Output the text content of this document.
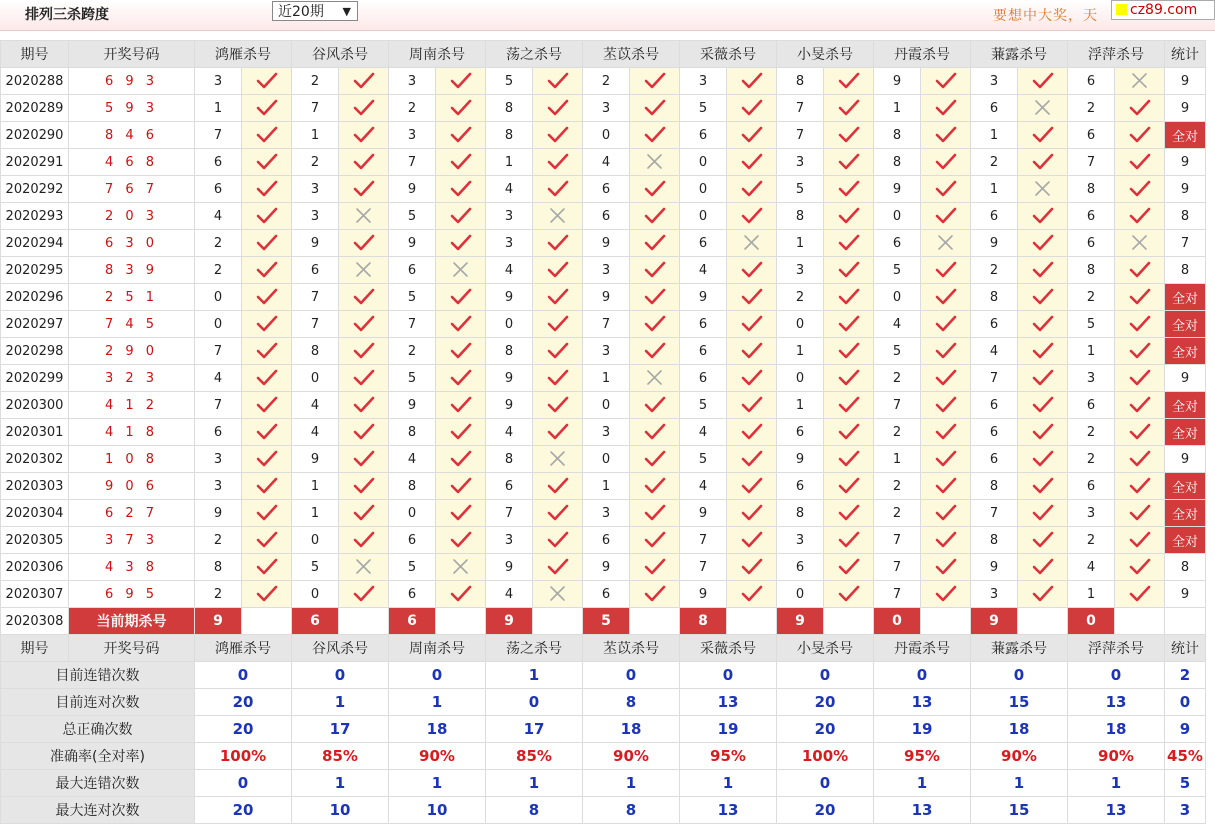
排列三杀跨度	近20期 ▼	要想中大奖，天	cz89.com
期号	开奖号码	鸿雁杀号		谷风杀号		周南杀号		荡之杀号		苤苡杀号		采薇杀号		小旻杀号		丹霞杀号		蒹露杀号		浮萍杀号		统计
2020288	6 9 3	3		2		3		5		2		3		8		9		3		6		9
2020289	5 9 3	1		7		2		8		3		5		7		1		6		2		9
2020290	8 4 6	7		1		3		8		0		6		7		8		1		6		全对
2020291	4 6 8	6		2		7		1		4		0		3		8		2		7		9
2020292	7 6 7	6		3		9		4		6		0		5		9		1		8		9
2020293	2 0 3	4		3		5		3		6		0		8		0		6		6		8
2020294	6 3 0	2		9		9		3		9		6		1		6		9		6		7
2020295	8 3 9	2		6		6		4		3		4		3		5		2		8		8
2020296	2 5 1	0		7		5		9		9		9		2		0		8		2		全对
2020297	7 4 5	0		7		7		0		7		6		0		4		6		5		全对
2020298	2 9 0	7		8		2		8		3		6		1		5		4		1		全对
2020299	3 2 3	4		0		5		9		1		6		0		2		7		3		9
2020300	4 1 2	7		4		9		9		0		5		1		7		6		6		全对
2020301	4 1 8	6		4		8		4		3		4		6		2		6		2		全对
2020302	1 0 8	3		9		4		8		0		5		9		1		6		2		9
2020303	9 0 6	3		1		8		6		1		4		6		2		8		6		全对
2020304	6 2 7	9		1		0		7		3		9		8		2		7		3		全对
2020305	3 7 3	2		0		6		3		6		7		3		7		8		2		全对
2020306	4 3 8	8		5		5		9		9		7		6		7		9		4		8
2020307	6 9 5	2		0		6		4		6		9		0		7		3		1		9
2020308	当前期杀号	9		6		6		9		5		8		9		0		9		0		
期号	开奖号码	鸿雁杀号		谷风杀号		周南杀号		荡之杀号		苤苡杀号		采薇杀号		小旻杀号		丹霞杀号		蒹露杀号		浮萍杀号		统计
目前连错次数		0		0		0		1		0		0		0		0		0		0		2
目前连对次数		20		1		1		0		8		13		20		13		15		13		0
总正确次数		20		17		18		17		18		19		20		19		18		18		9
准确率(全对率)		100%		85%		90%		85%		90%		95%		100%		95%		90%		90%		45%
最大连错次数		0		1		1		1		1		1		0		1		1		1		5
最大连对次数		20		10		10		8		8		13		20		13		15		13		3
